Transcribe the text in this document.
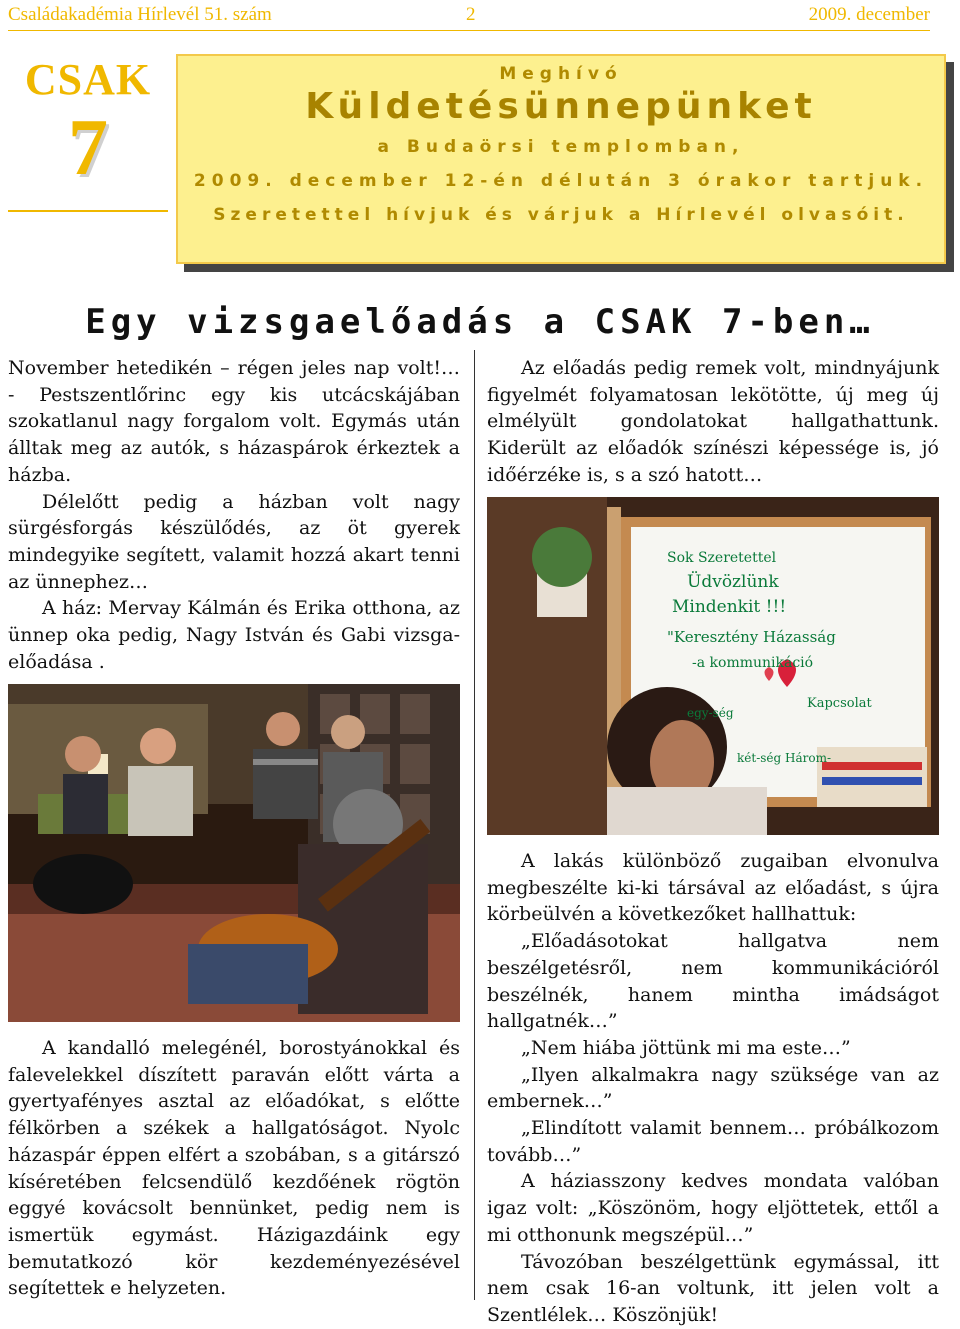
Családakadémia Hírlevél 51. szám	2	2009. december
CSAK
7
Meghívó
Küldetésünnepünket
a Budaörsi templomban,
2009. december 12-én délután 3 órakor tartjuk.
Szeretettel hívjuk és várjuk a Hírlevél olvasóit.
Egy vizsgaelőadás a CSAK 7-ben…

November hetedikén – régen jeles nap volt!… - Pestszentlőrinc egy kis utcácskájában szokatlanul nagy forgalom volt. Egymás után álltak meg az autók, s házaspárok érkeztek a házba.

Délelőtt pedig a házban volt nagy sürgésforgás készülődés, az öt gyerek mindegyike segített, valamit hozzá akart tenni az ünnephez…

A ház: Mervay Kálmán és Erika otthona, az ünnep oka pedig, Nagy István és Gabi vizsga-előadása .

A kandalló melegénél, borostyánokkal és falevelekkel díszített paraván előtt várta a gyertyafényes asztal az előadókat, s előtte félkörben a székek a hallgatóságot. Nyolc házaspár éppen elfért a szobában, s a gitárszó kíséretében felcsendülő kezdőének rögtön eggyé kovácsolt bennünket, pedig nem is ismertük egymást. Házigazdáink egy bemutatkozó kör kezdeményezésével segítettek e helyzeten.

Az előadás pedig remek volt, mindnyájunk figyelmét folyamatosan lekötötte, új meg új elmélyült gondolatokat hallgathattunk. Kiderült az előadók színészi képessége is, jó időérzéke is, s a szó hatott…

Sok Szeretettel
Üdvözlünk
Mindenkit !!!
"Keresztény Házasság
-a kommunikáció
Kapcsolat
egy-ség
két-ség Három-

A lakás különböző zugaiban elvonulva megbeszélte ki-ki társával az előadást, s újra körbeülvén a következőket hallhattuk:

„Előadásotokat hallgatva nem beszélgetésről, nem kommunikációról beszélnék, hanem mintha imádságot hallgatnék…”

„Nem hiába jöttünk mi ma este…”

„Ilyen alkalmakra nagy szüksége van az embernek…”

„Elindított valamit bennem… próbálkozom tovább…”

A háziasszony kedves mondata valóban igaz volt: „Köszönöm, hogy eljöttetek, ettől a mi otthonunk megszépül…”

Távozóban beszélgettünk egymással, itt nem csak 16-an voltunk, itt jelen volt a Szentlélek… Köszönjük!
